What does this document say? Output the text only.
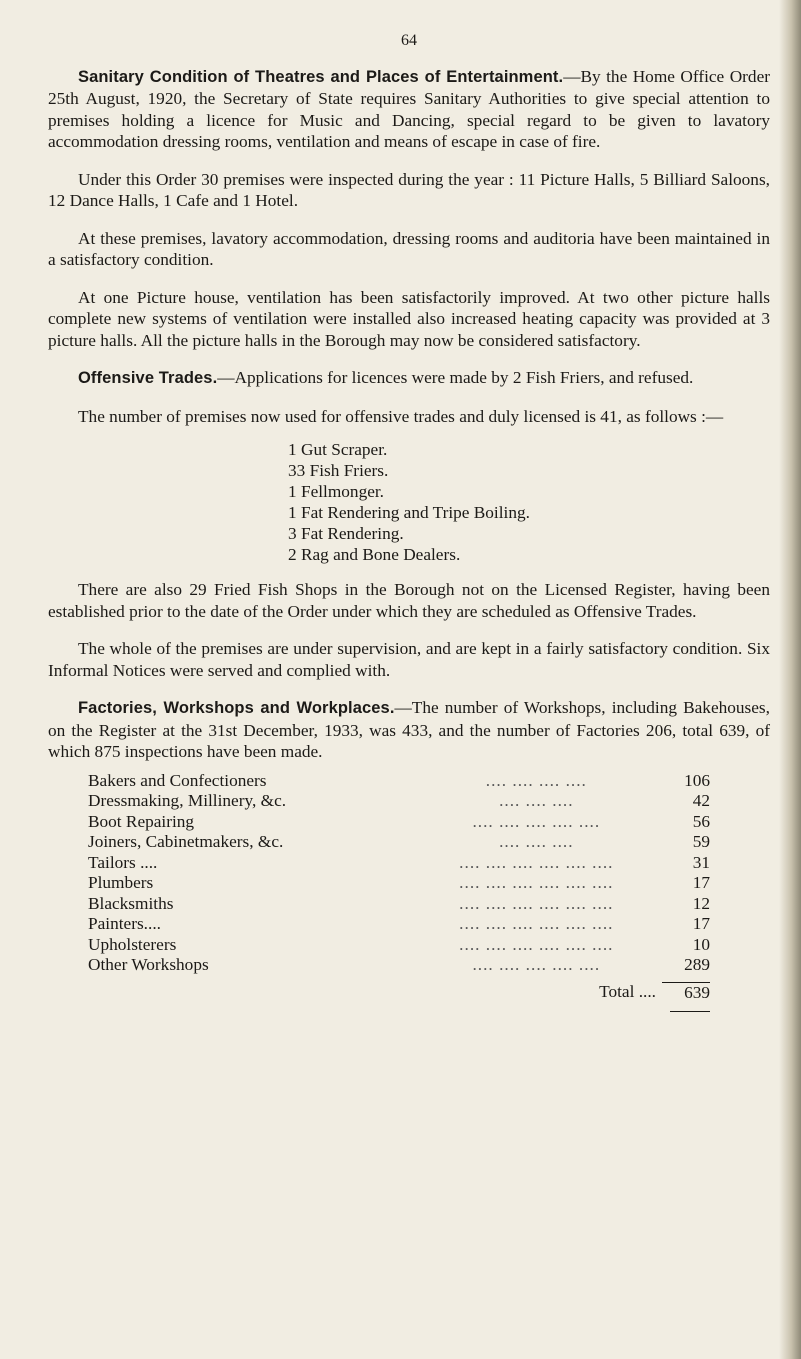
64

Sanitary Condition of Theatres and Places of Entertainment.—By the Home Office Order 25th August, 1920, the Secretary of State requires Sanitary Authorities to give special attention to premises holding a licence for Music and Dancing, special regard to be given to lavatory accommodation dressing rooms, ventilation and means of escape in case of fire.

Under this Order 30 premises were inspected during the year : 11 Picture Halls, 5 Billiard Saloons, 12 Dance Halls, 1 Cafe and 1 Hotel.

At these premises, lavatory accommodation, dressing rooms and auditoria have been maintained in a satisfactory condition.

At one Picture house, ventilation has been satisfactorily improved. At two other picture halls complete new systems of ventilation were installed also increased heating capacity was provided at 3 picture halls. All the picture halls in the Borough may now be considered satisfactory.

Offensive Trades.—Applications for licences were made by 2 Fish Friers, and refused.

The number of premises now used for offensive trades and duly licensed is 41, as follows :—

1 Gut Scraper.
33 Fish Friers.
1 Fellmonger.
1 Fat Rendering and Tripe Boiling.
3 Fat Rendering.
2 Rag and Bone Dealers.

There are also 29 Fried Fish Shops in the Borough not on the Licensed Register, having been established prior to the date of the Order under which they are scheduled as Offensive Trades.

The whole of the premises are under supervision, and are kept in a fairly satisfactory condition. Six Informal Notices were served and complied with.

Factories, Workshops and Workplaces.—The number of Workshops, including Bakehouses, on the Register at the 31st December, 1933, was 433, and the number of Factories 206, total 639, of which 875 inspections have been made.

Bakers and Confectioners	.... .... .... ....	106
Dressmaking, Millinery, &c.	.... .... ....	42
Boot Repairing	.... .... .... .... ....	56
Joiners, Cabinetmakers, &c.	.... .... ....	59
Tailors ....	.... .... .... .... .... ....	31
Plumbers	.... .... .... .... .... ....	17
Blacksmiths	.... .... .... .... .... ....	12
Painters....	.... .... .... .... .... ....	17
Upholsterers	.... .... .... .... .... ....	10
Other Workshops	.... .... .... .... ....	289

	Total ....	639
